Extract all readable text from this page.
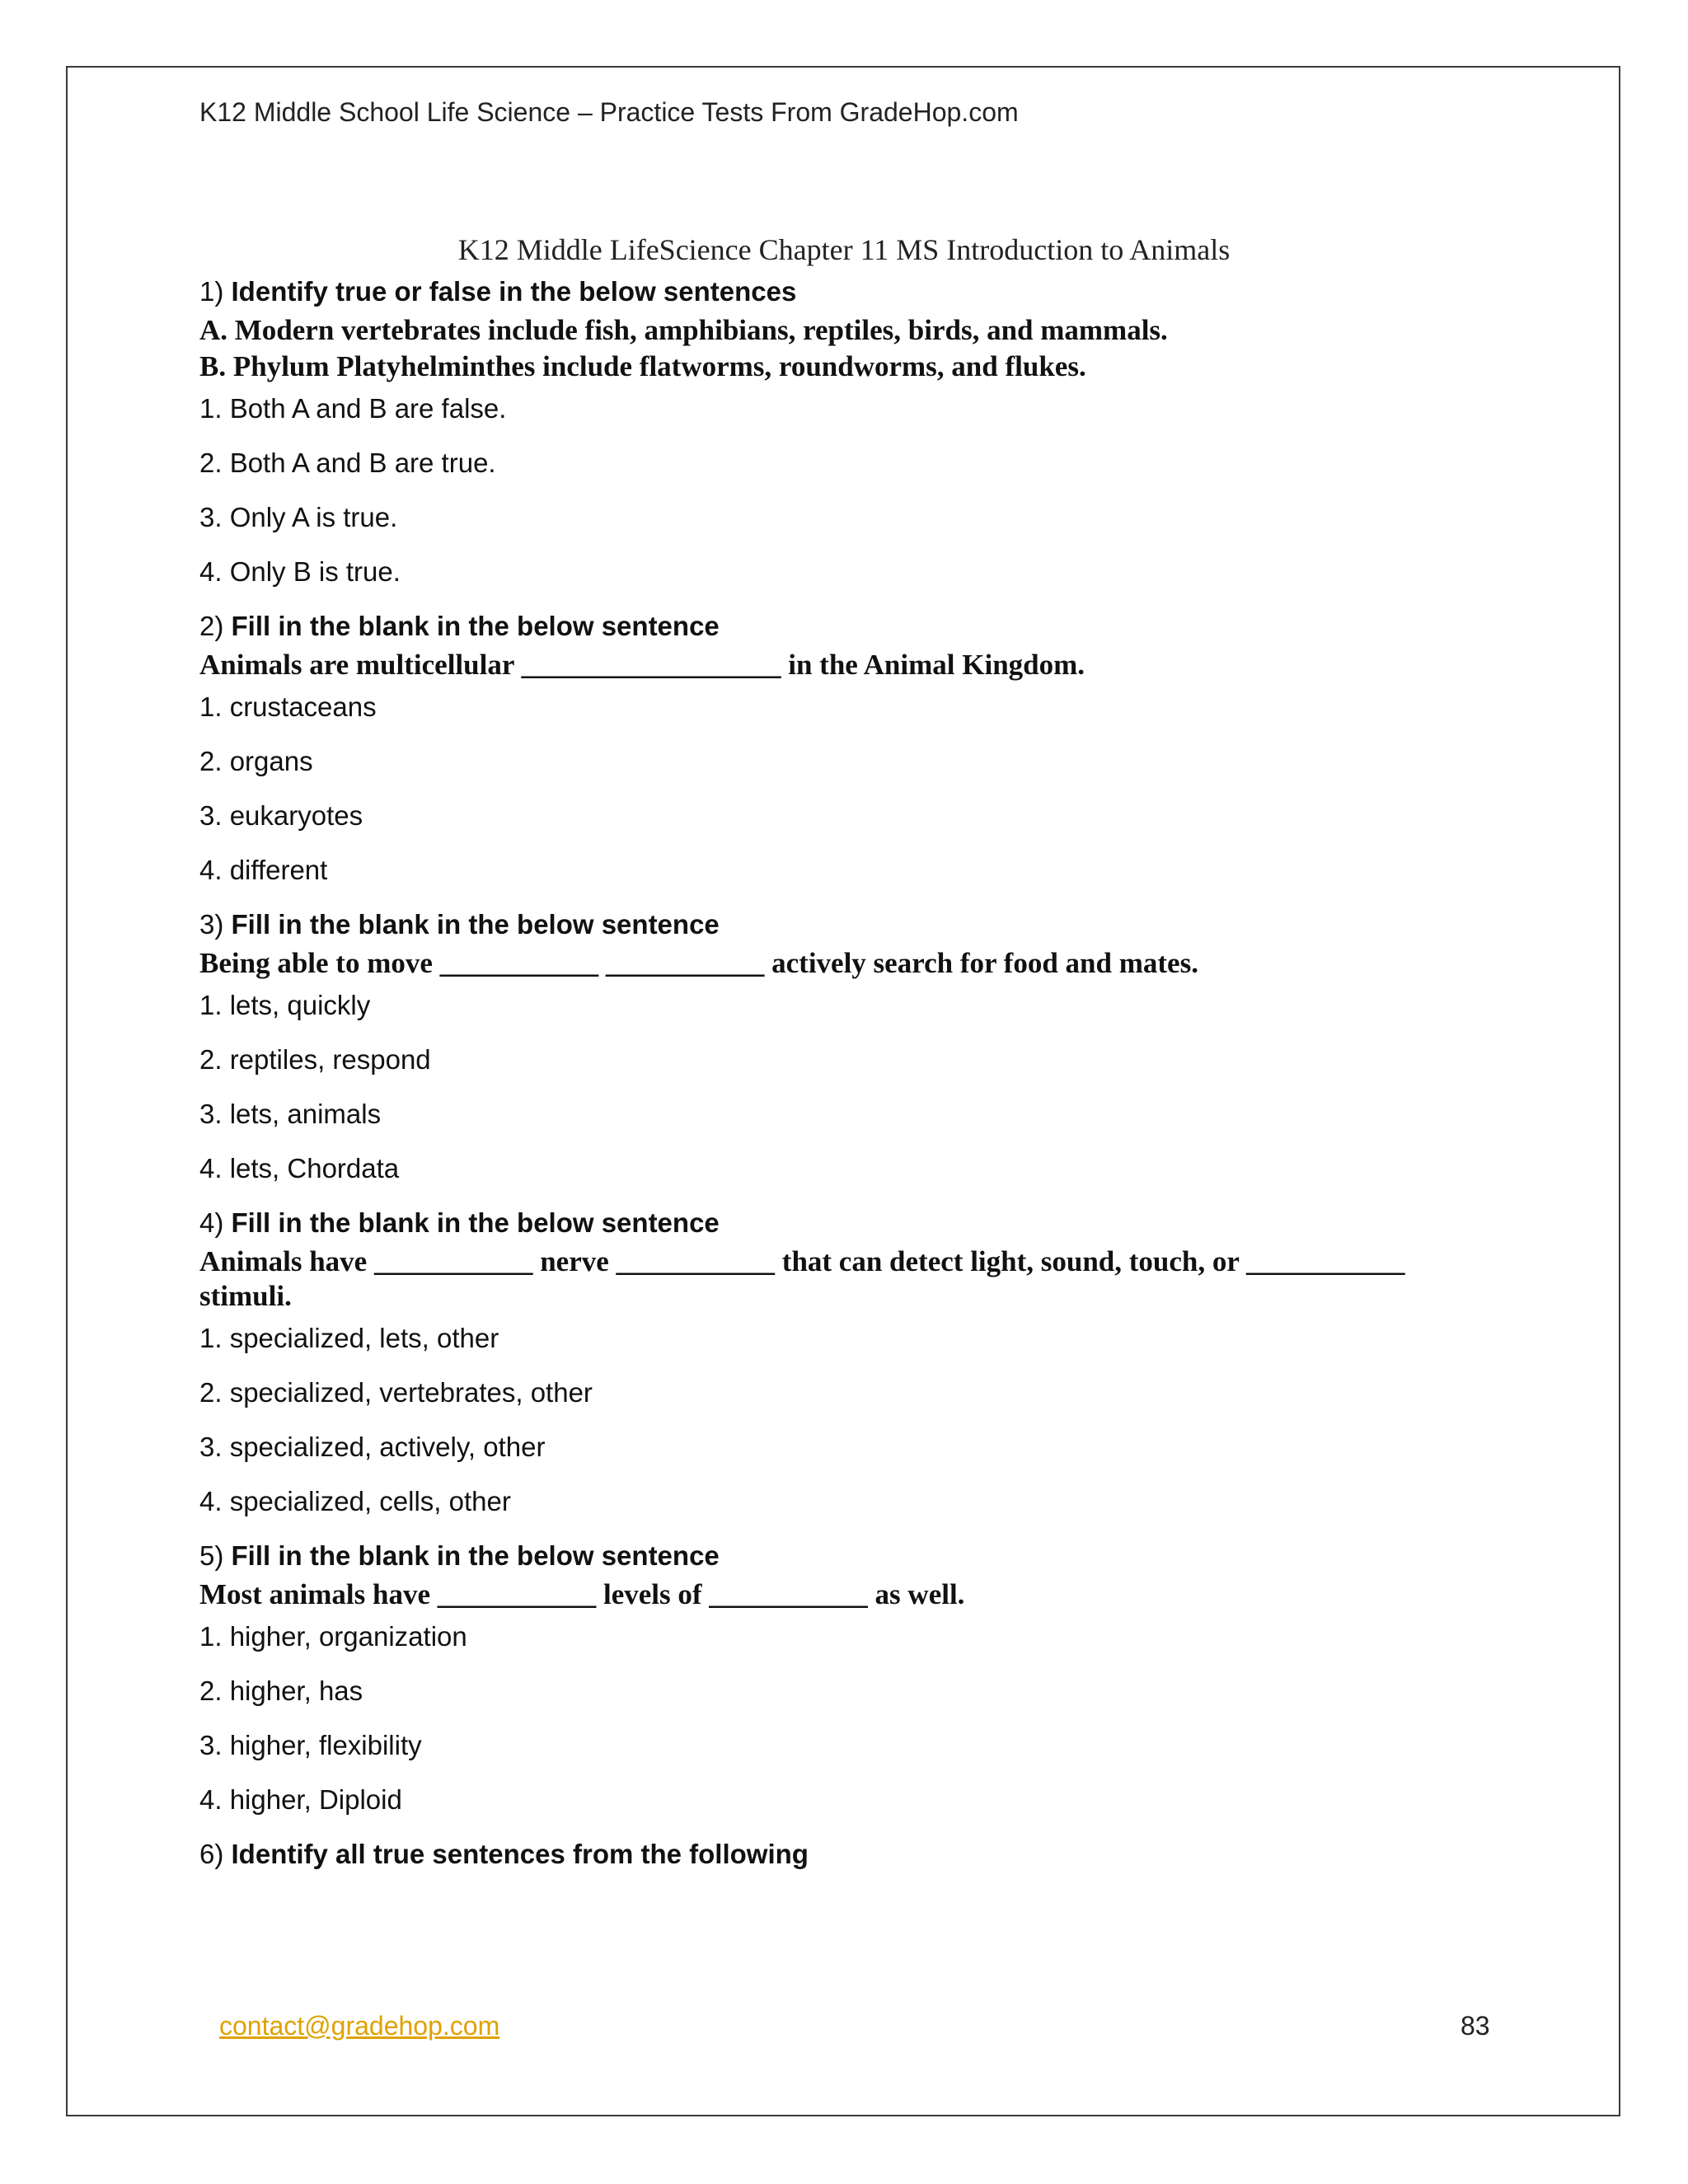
K12 Middle School Life Science – Practice Tests From GradeHop.com
K12 Middle LifeScience Chapter 11 MS Introduction to Animals

1) Identify true or false in the below sentences

A. Modern vertebrates include fish, amphibians, reptiles, birds, and mammals.
B. Phylum Platyhelminthes include flatworms, roundworms, and flukes.
1. Both A and B are false.
2. Both A and B are true.
3. Only A is true.
4. Only B is true.

2) Fill in the blank in the below sentence

Animals are multicellular __________________ in the Animal Kingdom.
1. crustaceans
2. organs
3. eukaryotes
4. different

3) Fill in the blank in the below sentence

Being able to move ___________ ___________ actively search for food and mates.
1. lets, quickly
2. reptiles, respond
3. lets, animals
4. lets, Chordata

4) Fill in the blank in the below sentence

Animals have ___________ nerve ___________ that can detect light, sound, touch, or ___________ stimuli.
1. specialized, lets, other
2. specialized, vertebrates, other
3. specialized, actively, other
4. specialized, cells, other

5) Fill in the blank in the below sentence

Most animals have ___________ levels of ___________ as well.
1. higher, organization
2. higher, has
3. higher, flexibility
4. higher, Diploid

6) Identify all true sentences from the following

contact@gradehop.com	83
